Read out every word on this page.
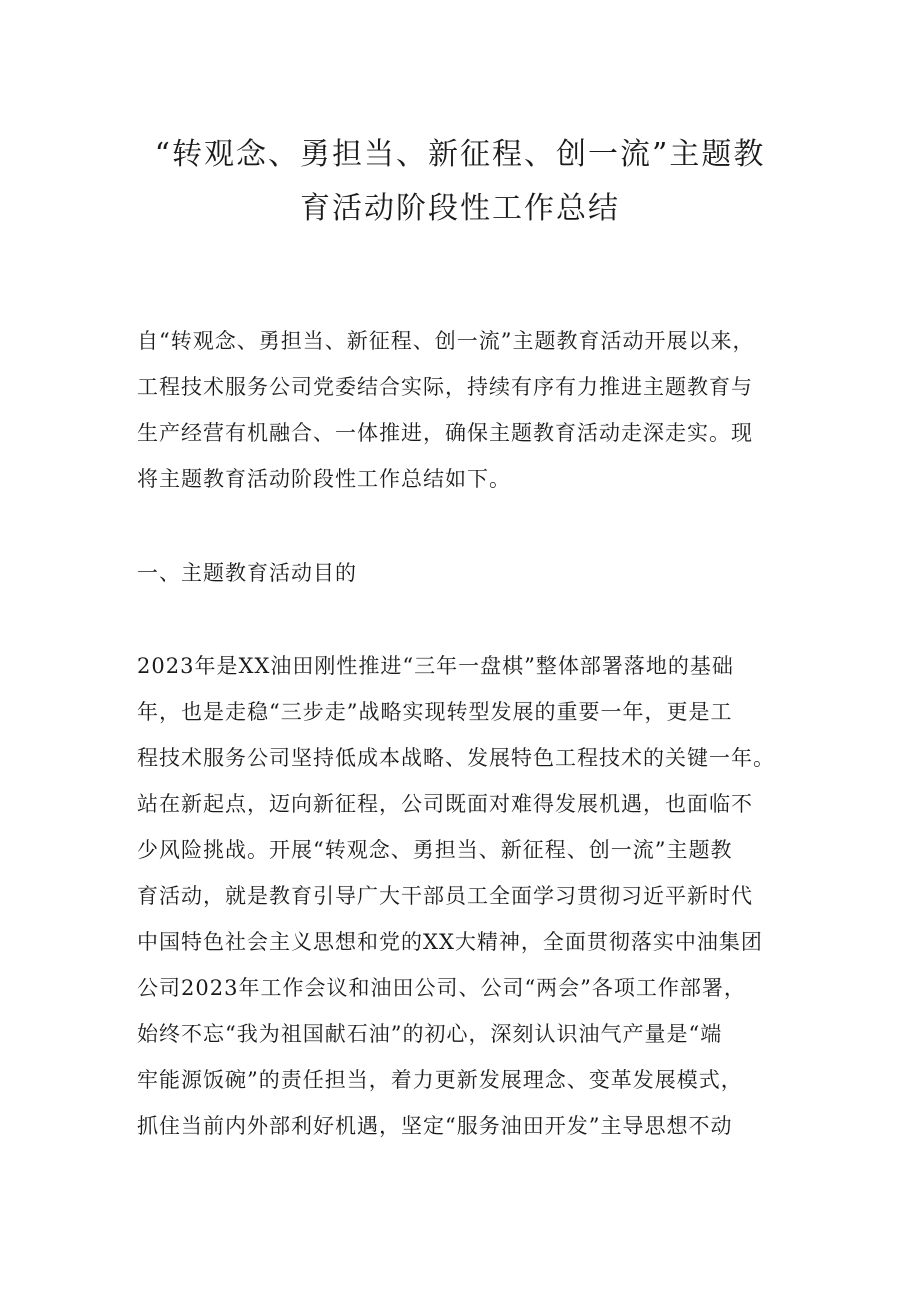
“转观念、勇担当、新征程、创一流”主题教
育活动阶段性工作总结
自“转观念、勇担当、新征程、创一流”主题教育活动开展以来，
工程技术服务公司党委结合实际，持续有序有力推进主题教育与
生产经营有机融合、一体推进，确保主题教育活动走深走实。现
将主题教育活动阶段性工作总结如下。
一、主题教育活动目的
2023年是XX油田刚性推进“三年一盘棋”整体部署落地的基础
年，也是走稳“三步走”战略实现转型发展的重要一年，更是工
程技术服务公司坚持低成本战略、发展特色工程技术的关键一年。
站在新起点，迈向新征程，公司既面对难得发展机遇，也面临不
少风险挑战。开展“转观念、勇担当、新征程、创一流”主题教
育活动，就是教育引导广大干部员工全面学习贯彻习近平新时代
中国特色社会主义思想和党的XX大精神，全面贯彻落实中油集团
公司2023年工作会议和油田公司、公司“两会”各项工作部署，
始终不忘“我为祖国献石油”的初心，深刻认识油气产量是“端
牢能源饭碗”的责任担当，着力更新发展理念、变革发展模式，
抓住当前内外部利好机遇，坚定“服务油田开发”主导思想不动
